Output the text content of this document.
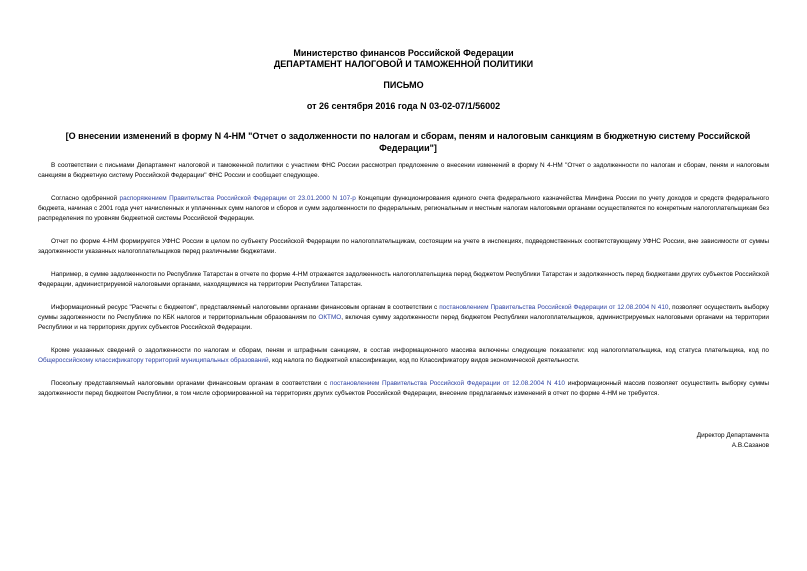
Министерство финансов Российской Федерации
ДЕПАРТАМЕНТ НАЛОГОВОЙ И ТАМОЖЕННОЙ ПОЛИТИКИ
ПИСЬМО
от 26 сентября 2016 года N 03-02-07/1/56002
[О внесении изменений в форму N 4-НМ "Отчет о задолженности по налогам и сборам, пеням и налоговым санкциям в бюджетную систему Российской Федерации"]

В соответствии с письмами Департамент налоговой и таможенной политики с участием ФНС России рассмотрел предложение о внесении изменений в форму N 4-НМ "Отчет о задолженности по налогам и сборам, пеням и налоговым санкциям в бюджетную систему Российской Федерации" ФНС России и сообщает следующее.

Согласно одобренной распоряжением Правительства Российской Федерации от 23.01.2000 N 107-р Концепции функционирования единого счета федерального казначейства Минфина России по учету доходов и средств федерального бюджета, начиная с 2001 года учет начисленных и уплаченных сумм налогов и сборов и сумм задолженности по федеральным, региональным и местным налогам налоговыми органами осуществляется по конкретным налогоплательщикам без распределения по уровням бюджетной системы Российской Федерации.

Отчет по форме 4-НМ формируется УФНС России в целом по субъекту Российской Федерации по налогоплательщикам, состоящим на учете в инспекциях, подведомственных соответствующему УФНС России, вне зависимости от суммы задолженности указанных налогоплательщиков перед различными бюджетами.

Например, в сумме задолженности по Республике Татарстан в отчете по форме 4-НМ отражается задолженность налогоплательщика перед бюджетом Республики Татарстан и задолженность перед бюджетами других субъектов Российской Федерации, администрируемой налоговыми органами, находящимися на территории Республики Татарстан.

Информационный ресурс "Расчеты с бюджетом", представляемый налоговыми органами финансовым органам в соответствии с постановлением Правительства Российской Федерации от 12.08.2004 N 410, позволяет осуществить выборку суммы задолженности по Республике по КБК налогов и территориальным образованиям по ОКТМО, включая сумму задолженности перед бюджетом Республики налогоплательщиков, администрируемых налоговыми органами на территории Республики и на территориях других субъектов Российской Федерации.

Кроме указанных сведений о задолженности по налогам и сборам, пеням и штрафным санкциям, в состав информационного массива включены следующие показатели: код налогоплательщика, код статуса плательщика, код по Общероссийскому классификатору территорий муниципальных образований, код налога по бюджетной классификации, код по Классификатору видов экономической деятельности.

Поскольку представляемый налоговыми органами финансовым органам в соответствии с постановлением Правительства Российской Федерации от 12.08.2004 N 410 информационный массив позволяет осуществить выборку суммы задолженности перед бюджетом Республики, в том числе сформированной на территориях других субъектов Российской Федерации, внесение предлагаемых изменений в отчет по форме 4-НМ не требуется.

Директор Департамента
А.В.Сазанов
